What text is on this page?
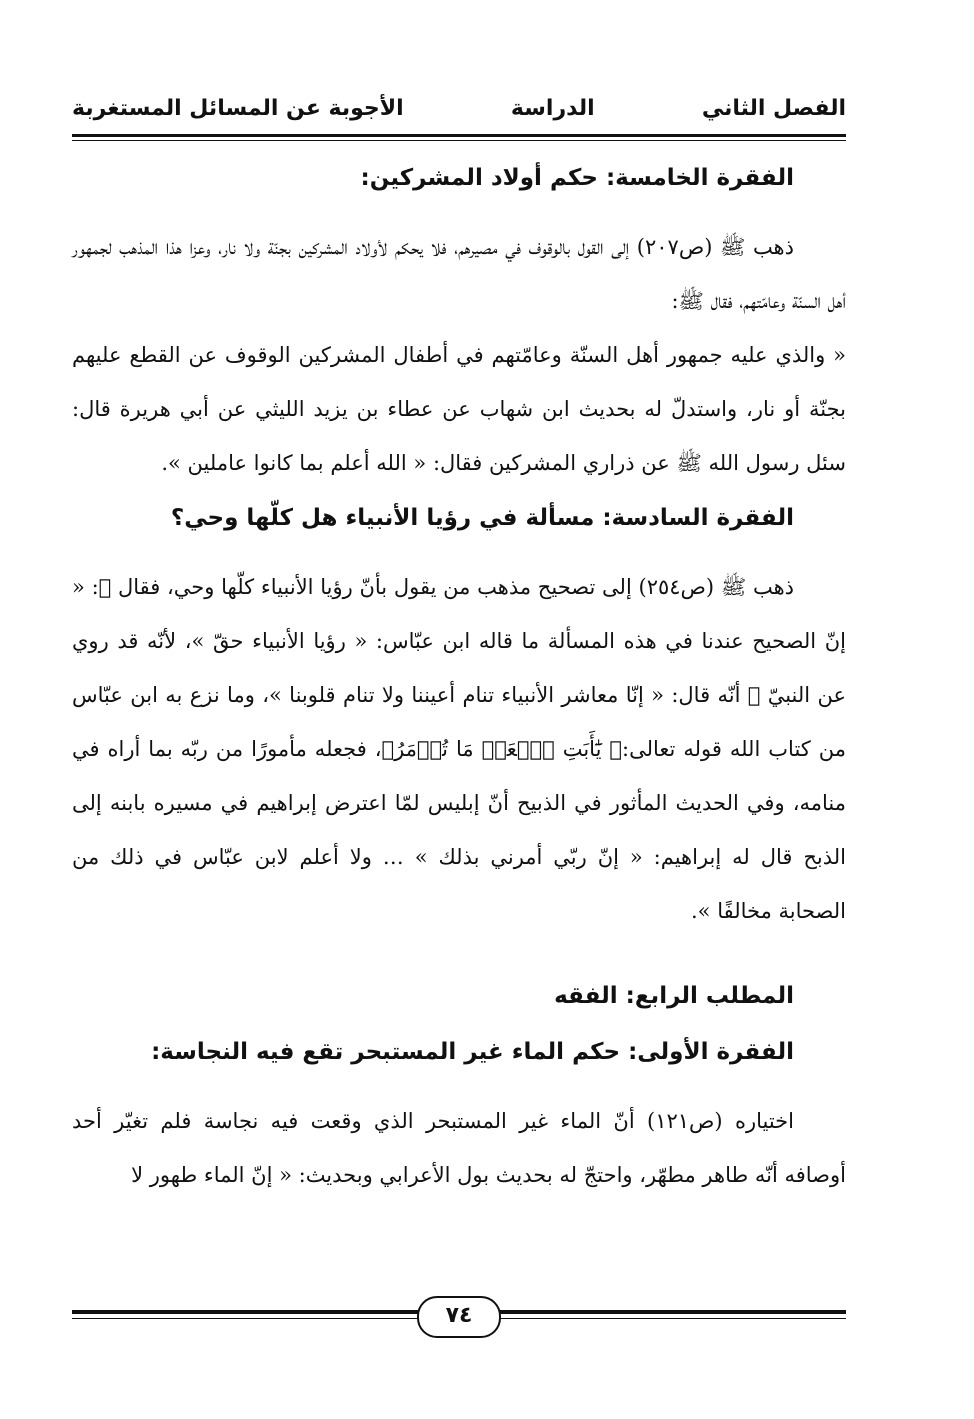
الفصل الثاني
الدراسة
الأجوبة عن المسائل المستغربة
الفقرة الخامسة: حكم أولاد المشركين:

ذهب ﷺ (ص٢٠٧) إلى القول بالوقوف في مصيرهم، فلا يحكم لأولاد المشركين بجنّة ولا نار، وعزا هذا المذهب لجمهور أهل السنّة وعامّتهم، فقال ﷺ:

« والذي عليه جمهور أهل السنّة وعامّتهم في أطفال المشركين الوقوف عن القطع عليهم بجنّة أو نار، واستدلّ له بحديث ابن شهاب عن عطاء بن يزيد الليثي عن أبي هريرة قال: سئل رسول الله ﷺ عن ذراري المشركين فقال: « الله أعلم بما كانوا عاملين ».

الفقرة السادسة: مسألة في رؤيا الأنبياء هل كلّها وحي؟

ذهب ﷺ (ص٢٥٤) إلى تصحيح مذهب من يقول بأنّ رؤيا الأنبياء كلّها وحي، فقال ﷺ: « إنّ الصحيح عندنا في هذه المسألة ما قاله ابن عبّاس: « رؤيا الأنبياء حقّ »، لأنّه قد روي عن النبيّ ﷺ أنّه قال: « إنّا معاشر الأنبياء تنام أعيننا ولا تنام قلوبنا »، وما نزع به ابن عبّاس من كتاب الله قوله تعالى:﴿ يَٰٓأَبَتِ ٱفۡعَلۡ مَا تُؤۡمَرُ﴾، فجعله مأمورًا من ربّه بما أراه في منامه، وفي الحديث المأثور في الذبيح أنّ إبليس لمّا اعترض إبراهيم في مسيره بابنه إلى الذبح قال له إبراهيم: « إنّ ربّي أمرني بذلك » … ولا أعلم لابن عبّاس في ذلك من الصحابة مخالفًا ».

المطلب الرابع: الفقه
الفقرة الأولى: حكم الماء غير المستبحر تقع فيه النجاسة:

اختياره (ص١٢١) أنّ الماء غير المستبحر الذي وقعت فيه نجاسة فلم تغيّر أحد أوصافه أنّه طاهر مطهّر، واحتجّ له بحديث بول الأعرابي وبحديث: « إنّ الماء طهور لا

٧٤
